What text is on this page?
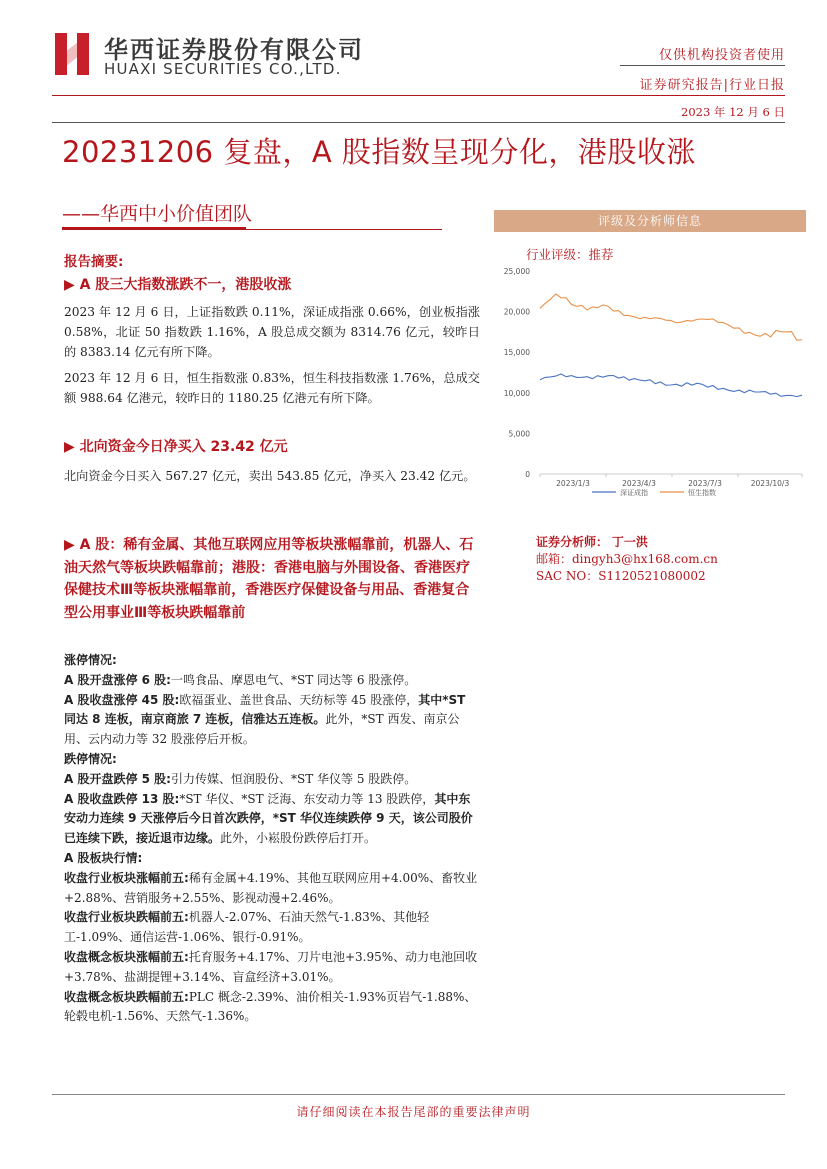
华西证券股份有限公司
HUAXI SECURITIES CO.,LTD.
仅供机构投资者使用
证券研究报告|行业日报
2023 年 12 月 6 日
20231206 复盘，A 股指数呈现分化，港股收涨
——华西中小价值团队
报告摘要:
▶ A 股三大指数涨跌不一，港股收涨
2023 年 12 月 6 日，上证指数跌 0.11%，深证成指涨 0.66%，创业板指涨 0.58%，北证 50 指数跌 1.16%，A 股总成交额为 8314.76 亿元，较昨日的 8383.14 亿元有所下降。
2023 年 12 月 6 日，恒生指数涨 0.83%，恒生科技指数涨 1.76%，总成交额 988.64 亿港元，较昨日的 1180.25 亿港元有所下降。
▶ 北向资金今日净买入 23.42 亿元
北向资金今日买入 567.27 亿元，卖出 543.85 亿元，净买入 23.42 亿元。
▶ A 股：稀有金属、其他互联网应用等板块涨幅靠前，机器人、石油天然气等板块跌幅靠前；港股：香港电脑与外围设备、香港医疗保健技术Ⅲ等板块涨幅靠前，香港医疗保健设备与用品、香港复合型公用事业Ⅲ等板块跌幅靠前
涨停情况:
A 股开盘涨停 6 股:一鸣食品、摩恩电气、*ST 同达等 6 股涨停。
A 股收盘涨停 45 股:欧福蛋业、盖世食品、天纺标等 45 股涨停，其中*ST 同达 8 连板，南京商旅 7 连板，信雅达五连板。此外，*ST 西发、南京公用、云内动力等 32 股涨停后开板。
跌停情况:
A 股开盘跌停 5 股:引力传媒、恒润股份、*ST 华仪等 5 股跌停。
A 股收盘跌停 13 股:*ST 华仪、*ST 泛海、东安动力等 13 股跌停，其中东安动力连续 9 天涨停后今日首次跌停，*ST 华仪连续跌停 9 天，该公司股价已连续下跌，接近退市边缘。此外，小崧股份跌停后打开。
A 股板块行情:
收盘行业板块涨幅前五:稀有金属+4.19%、其他互联网应用+4.00%、畜牧业+2.88%、营销服务+2.55%、影视动漫+2.46%。
收盘行业板块跌幅前五:机器人-2.07%、石油天然气-1.83%、其他轻工-1.09%、通信运营-1.06%、银行-0.91%。
收盘概念板块涨幅前五:托育服务+4.17%、刀片电池+3.95%、动力电池回收+3.78%、盐湖提锂+3.14%、盲盒经济+3.01%。
收盘概念板块跌幅前五:PLC 概念-2.39%、油价相关-1.93%页岩气-1.88%、轮毂电机-1.56%、天然气-1.36%。
评级及分析师信息
行业评级：推荐
25,000
20,000
15,000
10,000
5,000
0
2023/1/3	2023/4/3	2023/7/3	2023/10/3
深证成指	恒生指数
证券分析师： 丁一洪
邮箱：dingyh3@hx168.com.cn
SAC NO：S1120521080002
请仔细阅读在本报告尾部的重要法律声明
